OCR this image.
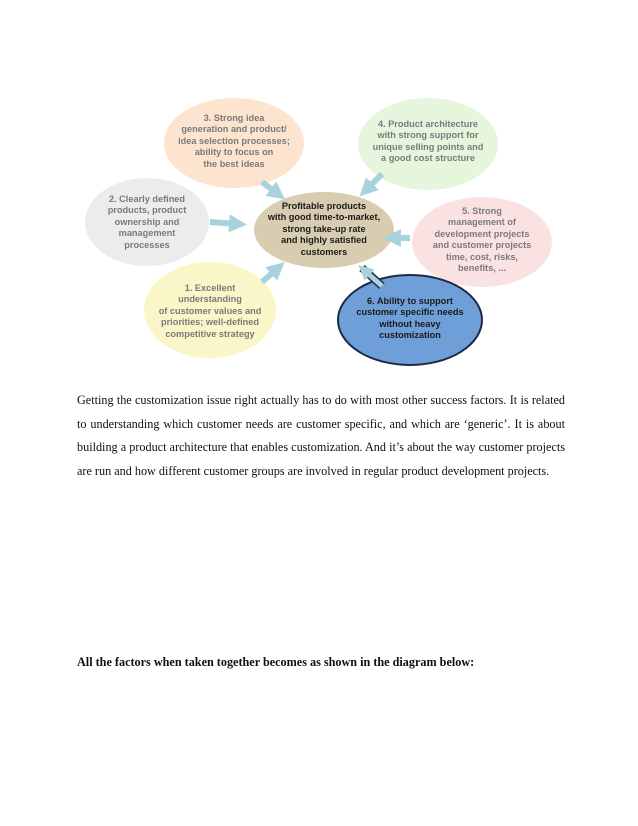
3. Strong idea
generation and product/
idea selection processes;
ability to focus on
the best ideas
4. Product architecture
with strong support for
unique selling points and
a good cost structure
2. Clearly defined
products, product
ownership and
management
processes
5. Strong
management of
development projects
and customer projects
time, cost, risks,
benefits, ...
1. Excellent
understanding
of customer values and
priorities; well-defined
competitive strategy
6. Ability to support
customer specific needs
without heavy
customization
Profitable products
with good time-to-market,
strong take-up rate
and highly satisfied
customers
Getting the customization issue right actually has to do with most other success factors. It is related to understanding which customer needs are customer specific, and which are ‘generic’. It is about building a product architecture that enables customization. And it’s about the way customer projects are run and how different customer groups are involved in regular product development projects.
All the factors when taken together becomes as shown in the diagram below:
